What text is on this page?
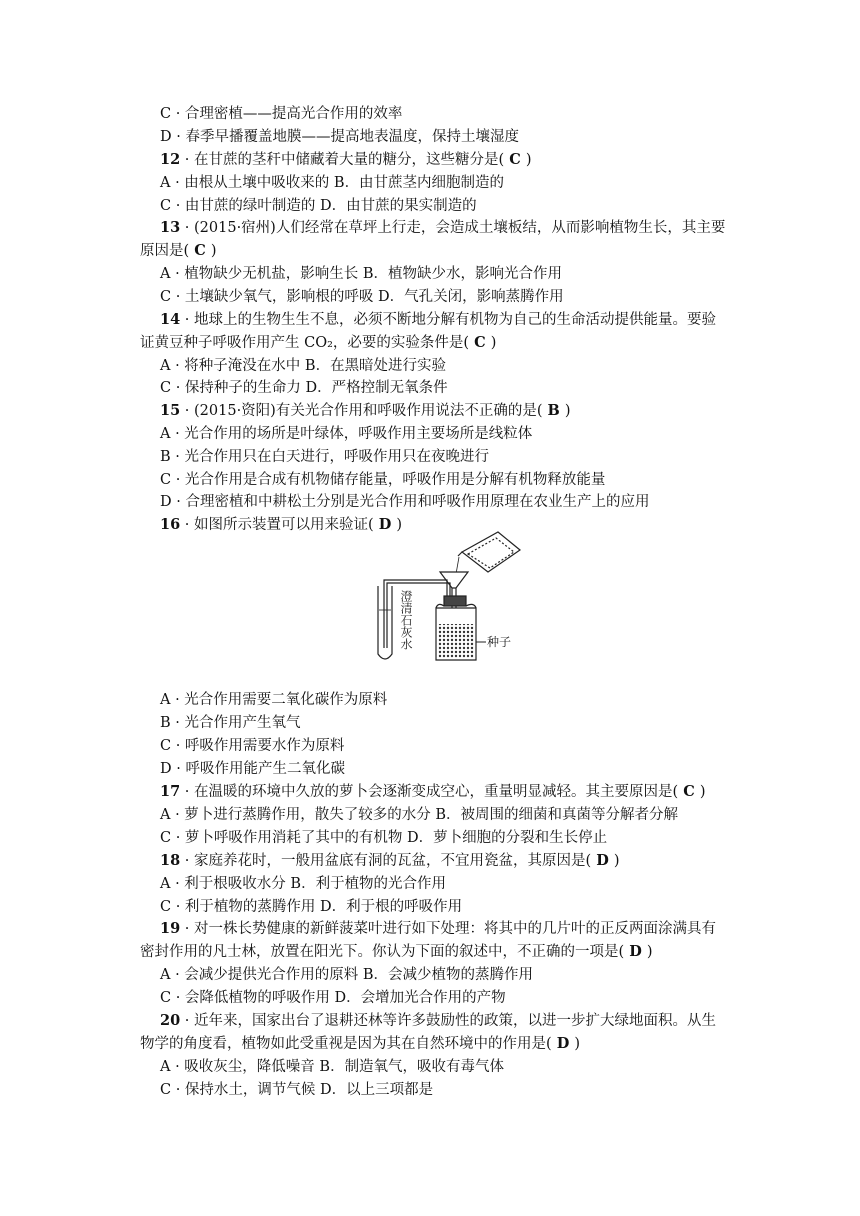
C · 合理密植——提高光合作用的效率
D · 春季早播覆盖地膜——提高地表温度，保持土壤湿度
12 · 在甘蔗的茎秆中储藏着大量的糖分，这些糖分是( C )
A · 由根从土壤中吸收来的 B．由甘蔗茎内细胞制造的
C · 由甘蔗的绿叶制造的 D．由甘蔗的果实制造的
13 · (2015·宿州)人们经常在草坪上行走，会造成土壤板结，从而影响植物生长，其主要
原因是( C )
A · 植物缺少无机盐，影响生长 B．植物缺少水，影响光合作用
C · 土壤缺少氧气，影响根的呼吸 D．气孔关闭，影响蒸腾作用
14 · 地球上的生物生生不息，必须不断地分解有机物为自己的生命活动提供能量。要验
证黄豆种子呼吸作用产生 CO₂，必要的实验条件是( C )
A · 将种子淹没在水中 B．在黑暗处进行实验
C · 保持种子的生命力 D．严格控制无氧条件
15 · (2015·资阳)有关光合作用和呼吸作用说法不正确的是( B )
A · 光合作用的场所是叶绿体，呼吸作用主要场所是线粒体
B · 光合作用只在白天进行，呼吸作用只在夜晚进行
C · 光合作用是合成有机物储存能量，呼吸作用是分解有机物释放能量
D · 合理密植和中耕松土分别是光合作用和呼吸作用原理在农业生产上的应用
16 · 如图所示装置可以用来验证( D )
A · 光合作用需要二氧化碳作为原料
B · 光合作用产生氧气
C · 呼吸作用需要水作为原料
D · 呼吸作用能产生二氧化碳
17 · 在温暖的环境中久放的萝卜会逐渐变成空心，重量明显减轻。其主要原因是( C )
A · 萝卜进行蒸腾作用，散失了较多的水分 B．被周围的细菌和真菌等分解者分解
C · 萝卜呼吸作用消耗了其中的有机物 D．萝卜细胞的分裂和生长停止
18 · 家庭养花时，一般用盆底有洞的瓦盆，不宜用瓷盆，其原因是( D )
A · 利于根吸收水分 B．利于植物的光合作用
C · 利于植物的蒸腾作用 D．利于根的呼吸作用
19 · 对一株长势健康的新鲜菠菜叶进行如下处理：将其中的几片叶的正反两面涂满具有
密封作用的凡士林，放置在阳光下。你认为下面的叙述中，不正确的一项是( D )
A · 会减少提供光合作用的原料 B．会减少植物的蒸腾作用
C · 会降低植物的呼吸作用 D．会增加光合作用的产物
20 · 近年来，国家出台了退耕还林等许多鼓励性的政策，以进一步扩大绿地面积。从生
物学的角度看，植物如此受重视是因为其在自然环境中的作用是( D )
A · 吸收灰尘，降低噪音 B．制造氧气，吸收有毒气体
C · 保持水土，调节气候 D．以上三项都是
澄清石灰水	种子
